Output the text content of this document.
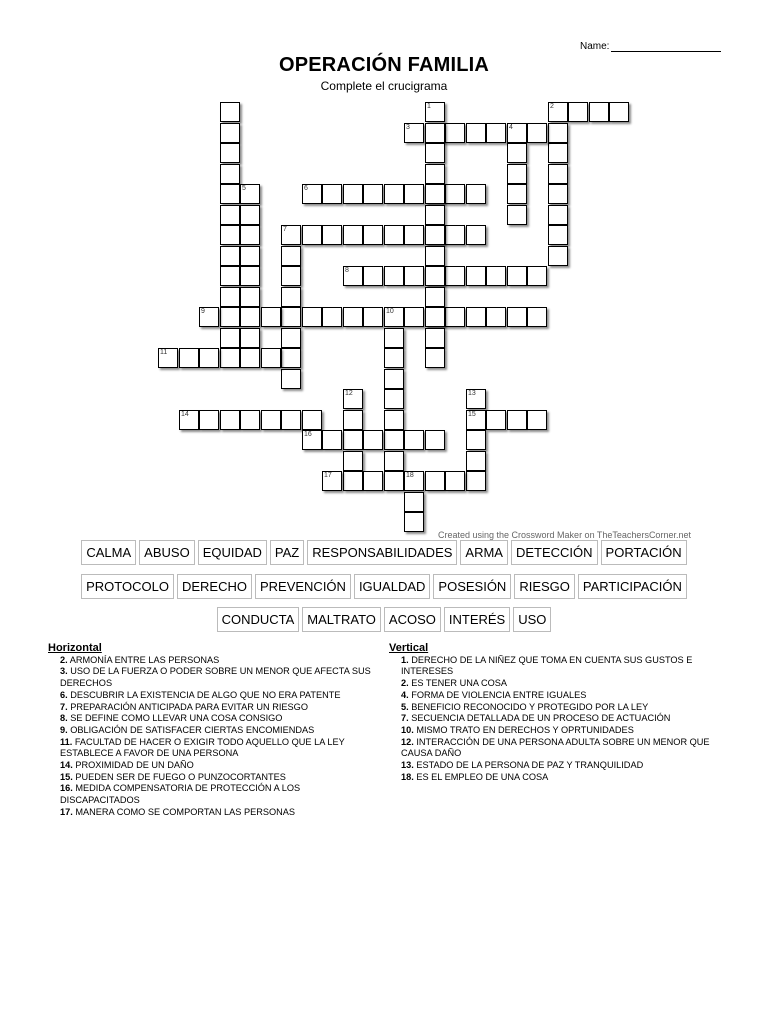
Name:
OPERACIÓN FAMILIA
Complete el crucigrama
1	2
3	4
5	6
7
8
9	10
11
12	13
14	15
16
17	18
Created using the Crossword Maker on TheTeachersCorner.net
CALMA	ABUSO	EQUIDAD	PAZ	RESPONSABILIDADES	ARMA	DETECCIÓN	PORTACIÓN
PROTOCOLO	DERECHO	PREVENCIÓN	IGUALDAD	POSESIÓN	RIESGO	PARTICIPACIÓN
CONDUCTA	MALTRATO	ACOSO	INTERÉS	USO
Horizontal
2. ARMONÍA ENTRE LAS PERSONAS
3. USO DE LA FUERZA O PODER SOBRE UN MENOR QUE AFECTA SUS DERECHOS
6. DESCUBRIR LA EXISTENCIA DE ALGO QUE NO ERA PATENTE
7. PREPARACIÓN ANTICIPADA PARA EVITAR UN RIESGO
8. SE DEFINE COMO LLEVAR UNA COSA CONSIGO
9. OBLIGACIÓN DE SATISFACER CIERTAS ENCOMIENDAS
11. FACULTAD DE HACER O EXIGIR TODO AQUELLO QUE LA LEY ESTABLECE A FAVOR DE UNA PERSONA
14. PROXIMIDAD DE UN DAÑO
15. PUEDEN SER DE FUEGO O PUNZOCORTANTES
16. MEDIDA COMPENSATORIA DE PROTECCIÓN A LOS DISCAPACITADOS
17. MANERA COMO SE COMPORTAN LAS PERSONAS
Vertical
1. DERECHO DE LA NIÑEZ QUE TOMA EN CUENTA SUS GUSTOS E INTERESES
2. ES TENER UNA COSA
4. FORMA DE VIOLENCIA ENTRE IGUALES
5. BENEFICIO RECONOCIDO Y PROTEGIDO POR LA LEY
7. SECUENCIA DETALLADA DE UN PROCESO DE ACTUACIÓN
10. MISMO TRATO EN DERECHOS Y OPRTUNIDADES
12. INTERACCIÓN DE UNA PERSONA ADULTA SOBRE UN MENOR QUE CAUSA DAÑO
13. ESTADO DE LA PERSONA DE PAZ Y TRANQUILIDAD
18. ES EL EMPLEO DE UNA COSA
